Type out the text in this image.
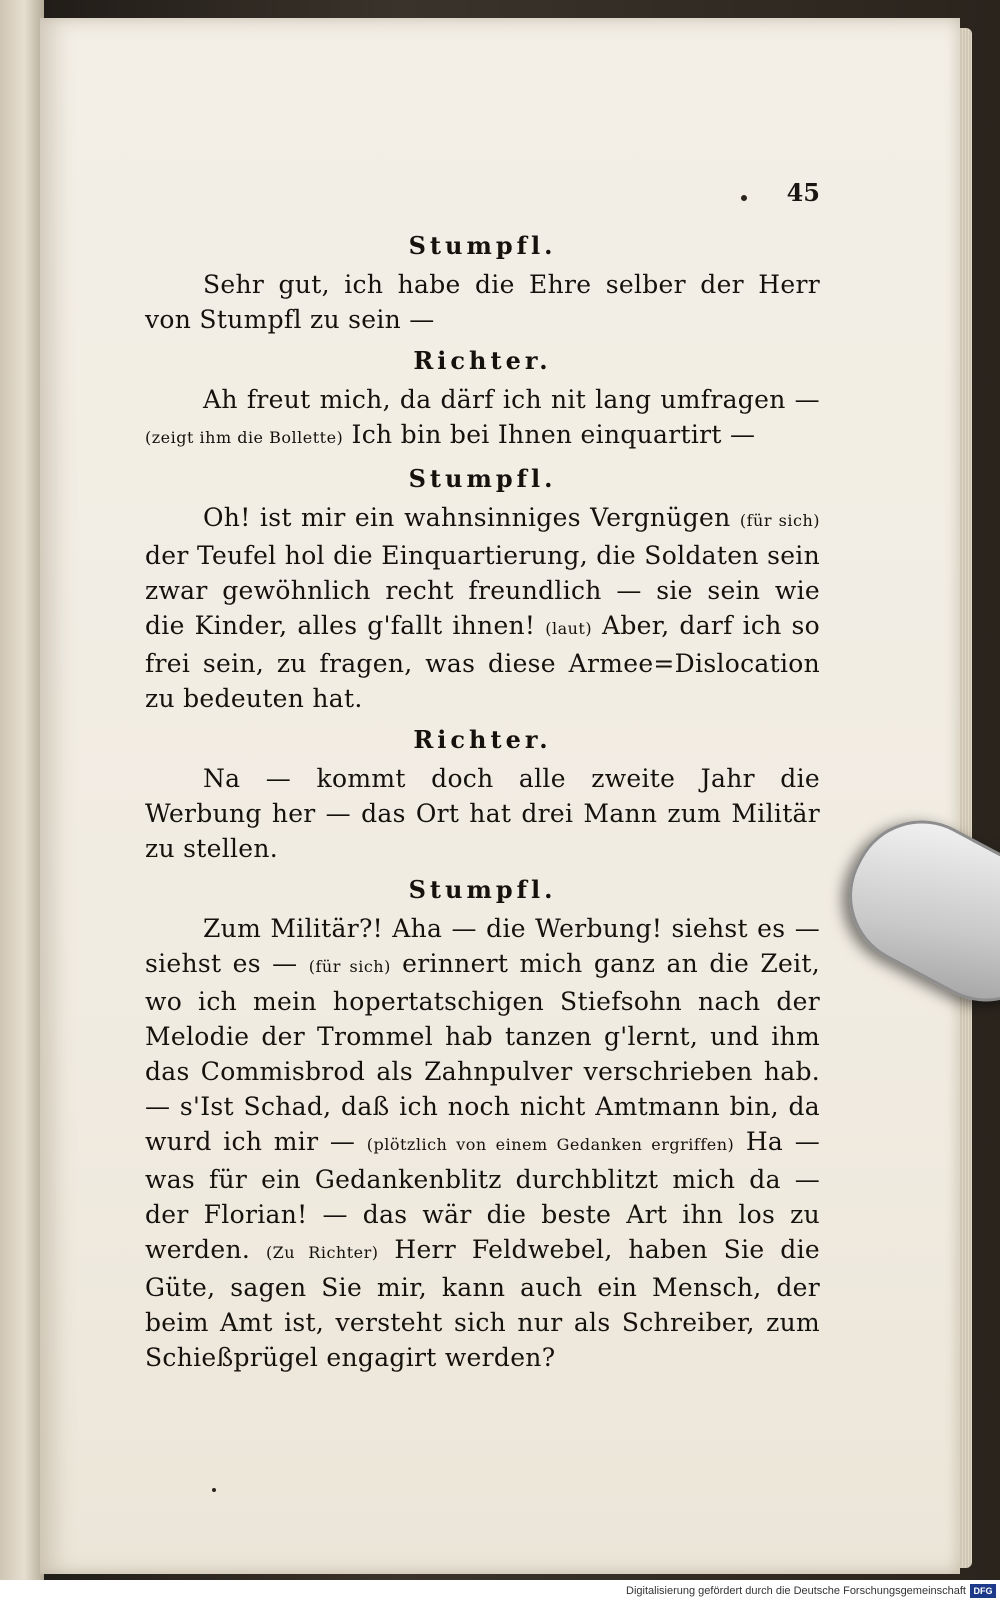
45
Stumpfl.
Sehr gut, ich habe die Ehre selber der Herr von Stumpfl zu sein —
Richter.
Ah freut mich, da därf ich nit lang umfragen — (zeigt ihm die Bollette) Ich bin bei Ihnen einquartirt —
Stumpfl.
Oh! ist mir ein wahnsinniges Vergnügen (für sich) der Teufel hol die Einquartierung, die Soldaten sein zwar gewöhnlich recht freundlich — sie sein wie die Kinder, alles g'fallt ihnen! (laut) Aber, darf ich so frei sein, zu fragen, was diese Armee=Dislocation zu bedeuten hat.
Richter.
Na — kommt doch alle zweite Jahr die Werbung her — das Ort hat drei Mann zum Militär zu stellen.
Stumpfl.
Zum Militär?! Aha — die Werbung! siehst es — siehst es — (für sich) erinnert mich ganz an die Zeit, wo ich mein hopertatschigen Stiefsohn nach der Melodie der Trommel hab tanzen g'lernt, und ihm das Commisbrod als Zahnpulver verschrieben hab. — s'Ist Schad, daß ich noch nicht Amtmann bin, da wurd ich mir — (plötzlich von einem Gedanken ergriffen) Ha — was für ein Gedankenblitz durchblitzt mich da — der Florian! — das wär die beste Art ihn los zu werden. (Zu Richter) Herr Feldwebel, haben Sie die Güte, sagen Sie mir, kann auch ein Mensch, der beim Amt ist, versteht sich nur als Schreiber, zum Schießprügel engagirt werden?
Digitalisierung gefördert durch die Deutsche Forschungsgemeinschaft DFG
